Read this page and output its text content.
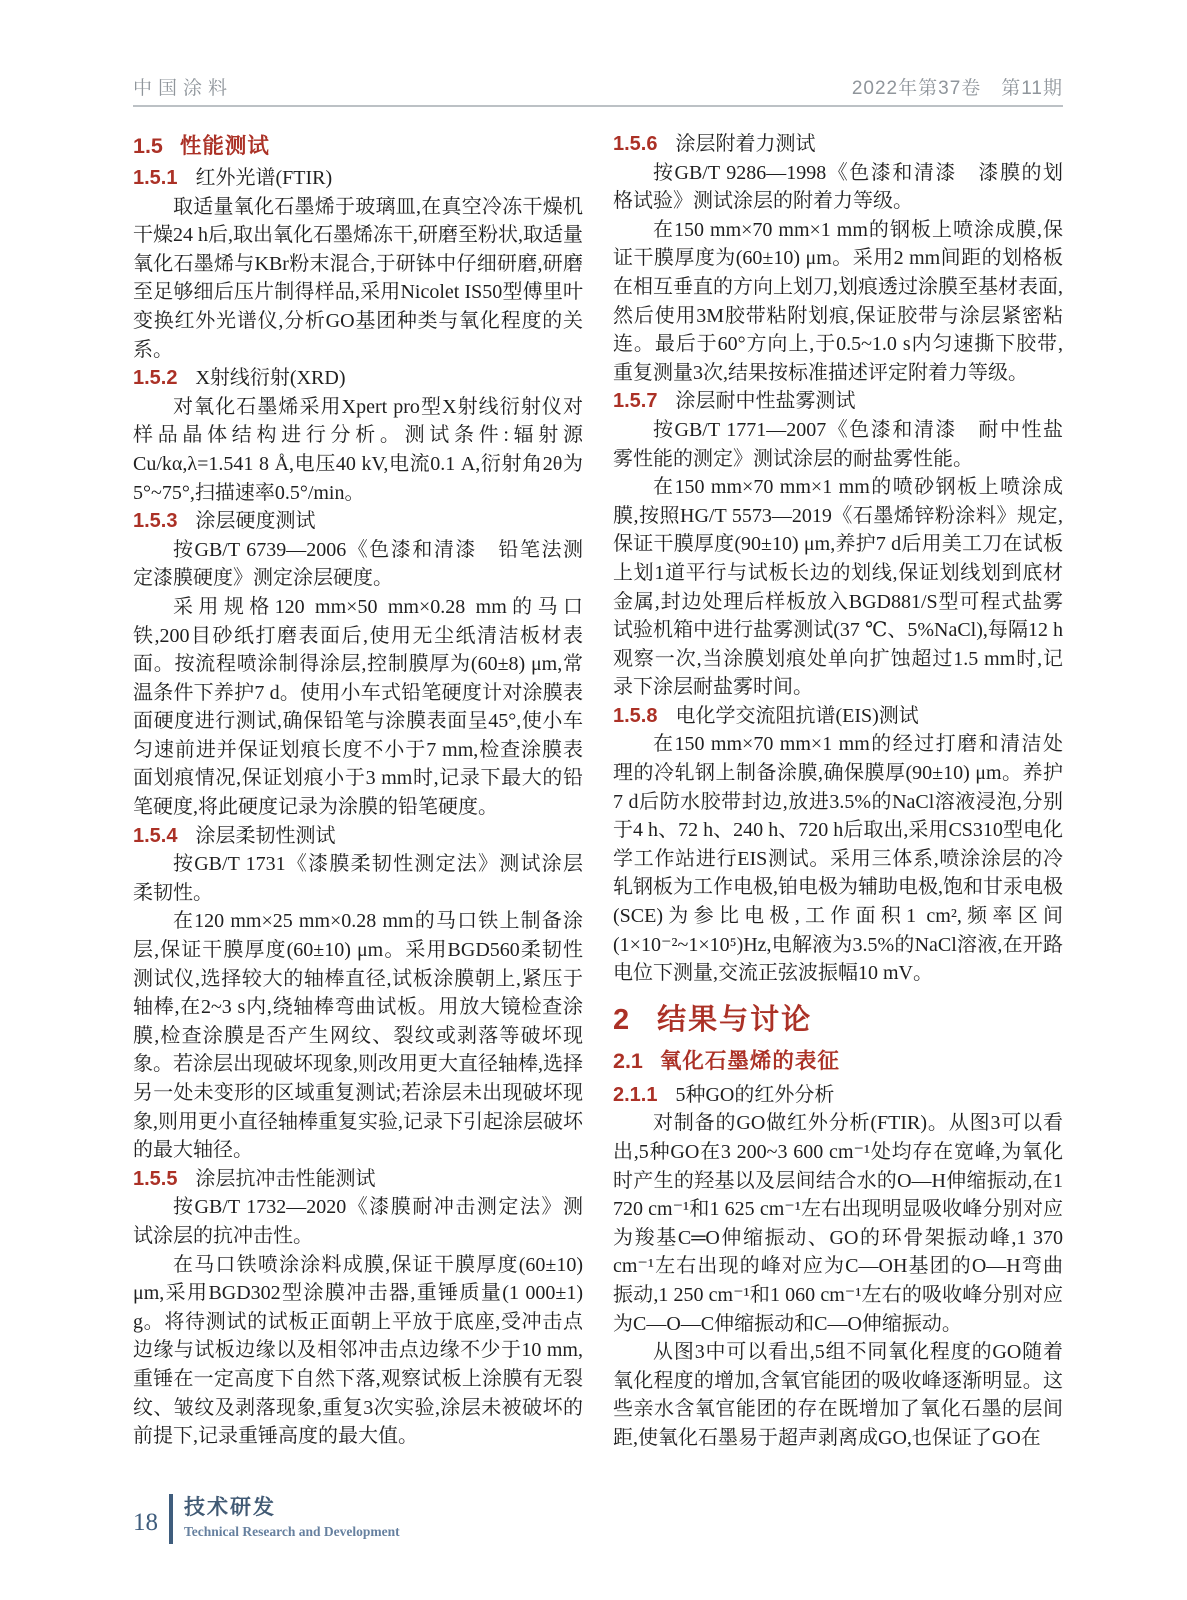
中国涂料	2022年第37卷　第11期
1.5 性能测试
1.5.1 红外光谱(FTIR)

取适量氧化石墨烯于玻璃皿,在真空冷冻干燥机干燥24 h后,取出氧化石墨烯冻干,研磨至粉状,取适量氧化石墨烯与KBr粉末混合,于研钵中仔细研磨,研磨至足够细后压片制得样品,采用Nicolet IS50型傅里叶变换红外光谱仪,分析GO基团种类与氧化程度的关系。

1.5.2 X射线衍射(XRD)

对氧化石墨烯采用Xpert pro型X射线衍射仪对样品晶体结构进行分析。测试条件:辐射源Cu/kα,λ=1.541 8 Å,电压40 kV,电流0.1 A,衍射角2θ为5°~75°,扫描速率0.5°/min。

1.5.3 涂层硬度测试

按GB/T 6739—2006《色漆和清漆　铅笔法测定漆膜硬度》测定涂层硬度。

采用规格120 mm×50 mm×0.28 mm的马口铁,200目砂纸打磨表面后,使用无尘纸清洁板材表面。按流程喷涂制得涂层,控制膜厚为(60±8) μm,常温条件下养护7 d。使用小车式铅笔硬度计对涂膜表面硬度进行测试,确保铅笔与涂膜表面呈45°,使小车匀速前进并保证划痕长度不小于7 mm,检查涂膜表面划痕情况,保证划痕小于3 mm时,记录下最大的铅笔硬度,将此硬度记录为涂膜的铅笔硬度。

1.5.4 涂层柔韧性测试

按GB/T 1731《漆膜柔韧性测定法》测试涂层柔韧性。

在120 mm×25 mm×0.28 mm的马口铁上制备涂层,保证干膜厚度(60±10) μm。采用BGD560柔韧性测试仪,选择较大的轴棒直径,试板涂膜朝上,紧压于轴棒,在2~3 s内,绕轴棒弯曲试板。用放大镜检查涂膜,检查涂膜是否产生网纹、裂纹或剥落等破坏现象。若涂层出现破坏现象,则改用更大直径轴棒,选择另一处未变形的区域重复测试;若涂层未出现破坏现象,则用更小直径轴棒重复实验,记录下引起涂层破坏的最大轴径。

1.5.5 涂层抗冲击性能测试

按GB/T 1732—2020《漆膜耐冲击测定法》测试涂层的抗冲击性。

在马口铁喷涂涂料成膜,保证干膜厚度(60±10) μm,采用BGD302型涂膜冲击器,重锤质量(1 000±1) g。将待测试的试板正面朝上平放于底座,受冲击点边缘与试板边缘以及相邻冲击点边缘不少于10 mm,重锤在一定高度下自然下落,观察试板上涂膜有无裂纹、皱纹及剥落现象,重复3次实验,涂层未被破坏的前提下,记录重锤高度的最大值。

1.5.6 涂层附着力测试

按GB/T 9286—1998《色漆和清漆　漆膜的划格试验》测试涂层的附着力等级。

在150 mm×70 mm×1 mm的钢板上喷涂成膜,保证干膜厚度为(60±10) μm。采用2 mm间距的划格板在相互垂直的方向上划刀,划痕透过涂膜至基材表面,然后使用3M胶带粘附划痕,保证胶带与涂层紧密粘连。最后于60°方向上,于0.5~1.0 s内匀速撕下胶带,重复测量3次,结果按标准描述评定附着力等级。

1.5.7 涂层耐中性盐雾测试

按GB/T 1771—2007《色漆和清漆　耐中性盐雾性能的测定》测试涂层的耐盐雾性能。

在150 mm×70 mm×1 mm的喷砂钢板上喷涂成膜,按照HG/T 5573—2019《石墨烯锌粉涂料》规定,保证干膜厚度(90±10) μm,养护7 d后用美工刀在试板上划1道平行与试板长边的划线,保证划线划到底材金属,封边处理后样板放入BGD881/S型可程式盐雾试验机箱中进行盐雾测试(37 ℃、5%NaCl),每隔12 h观察一次,当涂膜划痕处单向扩蚀超过1.5 mm时,记录下涂层耐盐雾时间。

1.5.8 电化学交流阻抗谱(EIS)测试

在150 mm×70 mm×1 mm的经过打磨和清洁处理的冷轧钢上制备涂膜,确保膜厚(90±10) μm。养护7 d后防水胶带封边,放进3.5%的NaCl溶液浸泡,分别于4 h、72 h、240 h、720 h后取出,采用CS310型电化学工作站进行EIS测试。采用三体系,喷涂涂层的冷轧钢板为工作电极,铂电极为辅助电极,饱和甘汞电极(SCE)为参比电极,工作面积1 cm²,频率区间(1×10⁻²~1×10⁵)Hz,电解液为3.5%的NaCl溶液,在开路电位下测量,交流正弦波振幅10 mV。

2 结果与讨论
2.1 氧化石墨烯的表征
2.1.1 5种GO的红外分析

对制备的GO做红外分析(FTIR)。从图3可以看出,5种GO在3 200~3 600 cm⁻¹处均存在宽峰,为氧化时产生的羟基以及层间结合水的O—H伸缩振动,在1 720 cm⁻¹和1 625 cm⁻¹左右出现明显吸收峰分别对应为羧基C═O伸缩振动、GO的环骨架振动峰,1 370 cm⁻¹左右出现的峰对应为C—OH基团的O—H弯曲振动,1 250 cm⁻¹和1 060 cm⁻¹左右的吸收峰分别对应为C—O—C伸缩振动和C—O伸缩振动。

从图3中可以看出,5组不同氧化程度的GO随着氧化程度的增加,含氧官能团的吸收峰逐渐明显。这些亲水含氧官能团的存在既增加了氧化石墨的层间距,使氧化石墨易于超声剥离成GO,也保证了GO在

18
技术研发
Technical Research and Development
